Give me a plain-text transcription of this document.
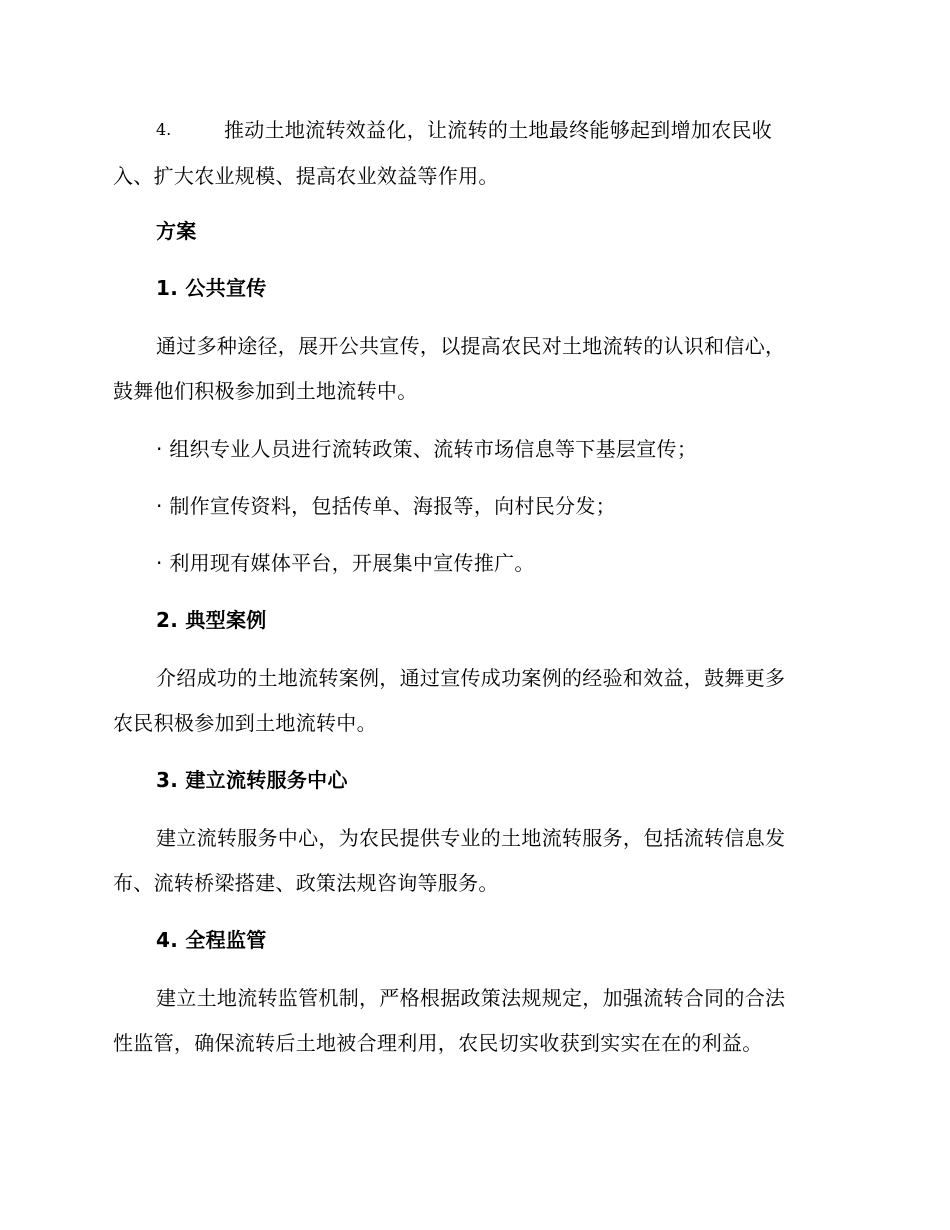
4.	推动土地流转效益化，让流转的土地最终能够起到增加农民收
入、扩大农业规模、提高农业效益等作用。
方案
1. 公共宣传
通过多种途径，展开公共宣传，以提高农民对土地流转的认识和信心，
鼓舞他们积极参加到土地流转中。
· 组织专业人员进行流转政策、流转市场信息等下基层宣传；
· 制作宣传资料，包括传单、海报等，向村民分发；
· 利用现有媒体平台，开展集中宣传推广。
2. 典型案例
介绍成功的土地流转案例，通过宣传成功案例的经验和效益，鼓舞更多
农民积极参加到土地流转中。
3. 建立流转服务中心
建立流转服务中心，为农民提供专业的土地流转服务，包括流转信息发
布、流转桥梁搭建、政策法规咨询等服务。
4. 全程监管
建立土地流转监管机制，严格根据政策法规规定，加强流转合同的合法
性监管，确保流转后土地被合理利用，农民切实收获到实实在在的利益。
